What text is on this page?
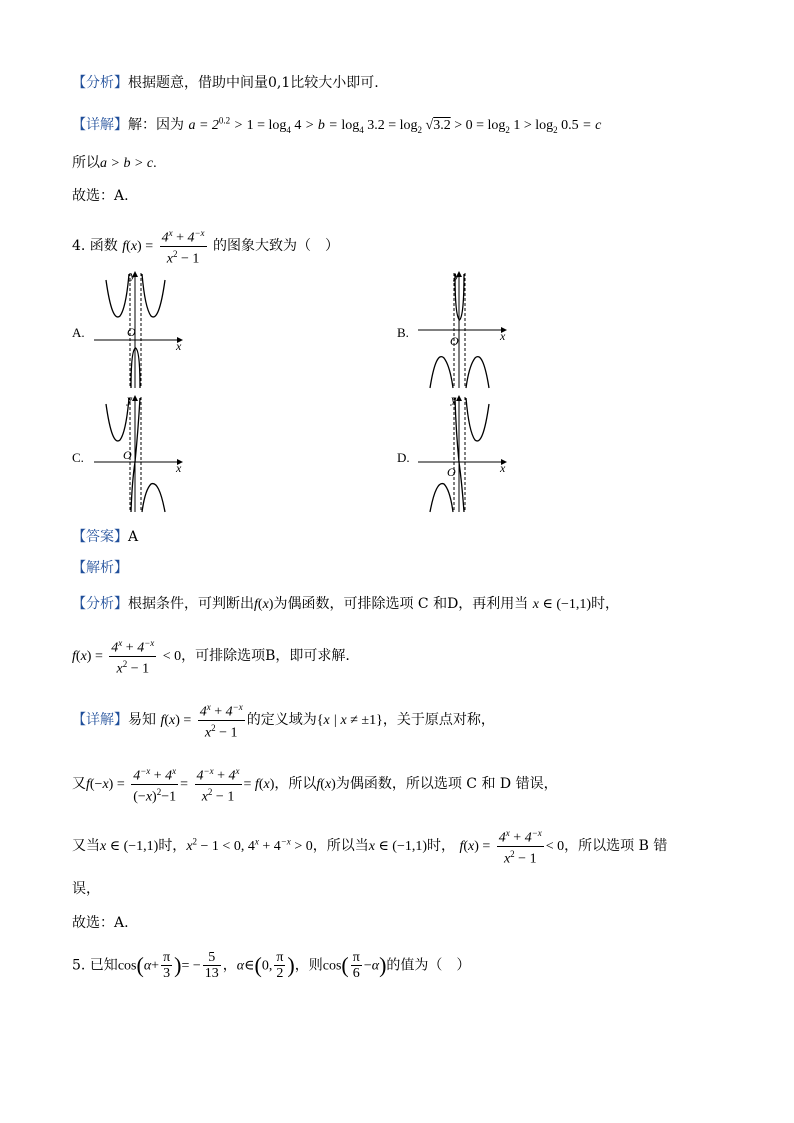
【分析】根据题意，借助中间量0,1比较大小即可.
【详解】解：因为 $a = 2^{0.2} > 1 = \log_4 4 > b = \log_4 3.2 = \log_2 √3.2 > 0 = \log_2 1 > \log_2 0.5 = c$
所以a > b > c.
故选：A.
4. 函数 $f(x) = \frac{4^x + 4^{-x}}{x^2 - 1}$ 的图象大致为（　）
A.	B.
C.	D.
O
x
y
O	x
y
O
x
y
O	x
y
【答案】A
【解析】
【分析】根据条件，可判断出f(x)为偶函数，可排除选项 C 和D，再利用当 x ∈ (−1,1)时，
$f(x) = \frac{4^x + 4^{-x}}{x^2 - 1} < 0$，可排除选项B，即可求解.
【详解】易知 $f(x) = \frac{4^x + 4^{-x}}{x^2 - 1}$ 的定义域为{x | x ≠ ±1}，关于原点对称，
又$f(-x) = \frac{4^{-x} + 4^x}{(-x)^2-1} = \frac{4^{-x} + 4^x}{x^2 - 1} = f(x)$，所以f(x)为偶函数，所以选项 C 和 D 错误，
又当x ∈ (−1,1)时，$x^2 - 1 < 0$, $4^x + 4^{-x} > 0$，所以当x ∈ (−1,1)时， $f(x) = \frac{4^x + 4^{-x}}{x^2 - 1} < 0$，所以选项 B 错
误，
故选：A.
5. 已知$\cos(\alpha+ \frac{\pi}{3}$ )= − $\frac{5}{13}$ ，α∈(0, $\frac{\pi}{2}$ )，则$\cos( \frac{\pi}{6} -\alpha)$的值为（　）
